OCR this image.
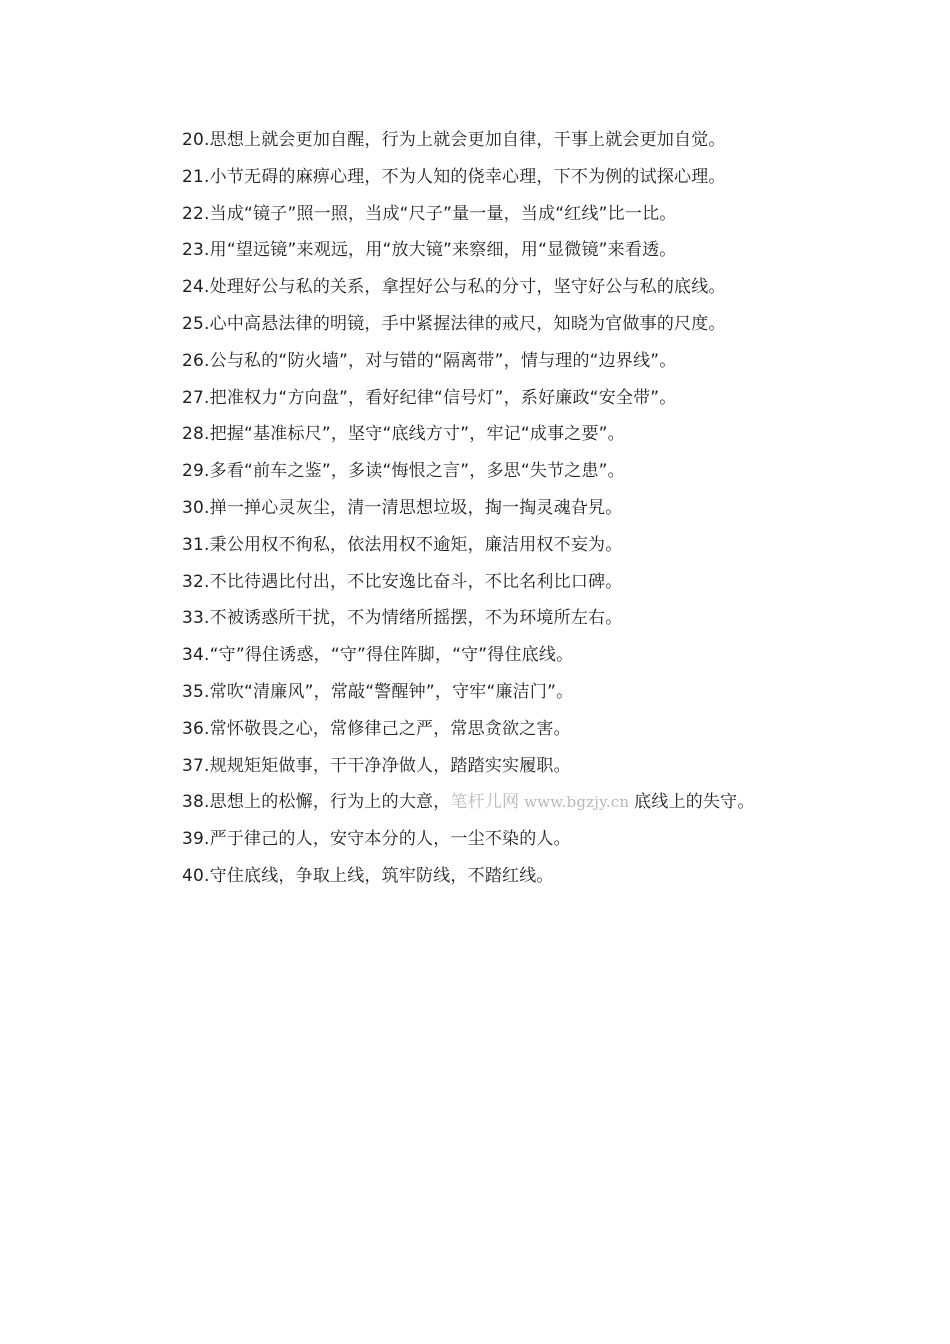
20.思想上就会更加自醒，行为上就会更加自律，干事上就会更加自觉。
21.小节无碍的麻痹心理，不为人知的侥幸心理，下不为例的试探心理。
22.当成“镜子”照一照，当成“尺子”量一量，当成“红线”比一比。
23.用“望远镜”来观远，用“放大镜”来察细，用“显微镜”来看透。
24.处理好公与私的关系，拿捏好公与私的分寸，坚守好公与私的底线。
25.心中高悬法律的明镜，手中紧握法律的戒尺，知晓为官做事的尺度。
26.公与私的“防火墙”，对与错的“隔离带”，情与理的“边界线”。
27.把准权力“方向盘”，看好纪律“信号灯”，系好廉政“安全带”。
28.把握“基准标尺”，坚守“底线方寸”，牢记“成事之要”。
29.多看“前车之鉴”，多读“悔恨之言”，多思“失节之患”。
30.掸一掸心灵灰尘，清一清思想垃圾，掏一掏灵魂旮旯。
31.秉公用权不徇私，依法用权不逾矩，廉洁用权不妄为。
32.不比待遇比付出，不比安逸比奋斗，不比名利比口碑。
33.不被诱惑所干扰，不为情绪所摇摆，不为环境所左右。
34.“守”得住诱惑，“守”得住阵脚，“守”得住底线。
35.常吹“清廉风”，常敲“警醒钟”，守牢“廉洁门”。
36.常怀敬畏之心，常修律己之严，常思贪欲之害。
37.规规矩矩做事，干干净净做人，踏踏实实履职。
38.思想上的松懈，行为上的大意，笔杆儿网 www.bgzjy.cn 底线上的失守。
39.严于律己的人，安守本分的人，一尘不染的人。
40.守住底线，争取上线，筑牢防线，不踏红线。
